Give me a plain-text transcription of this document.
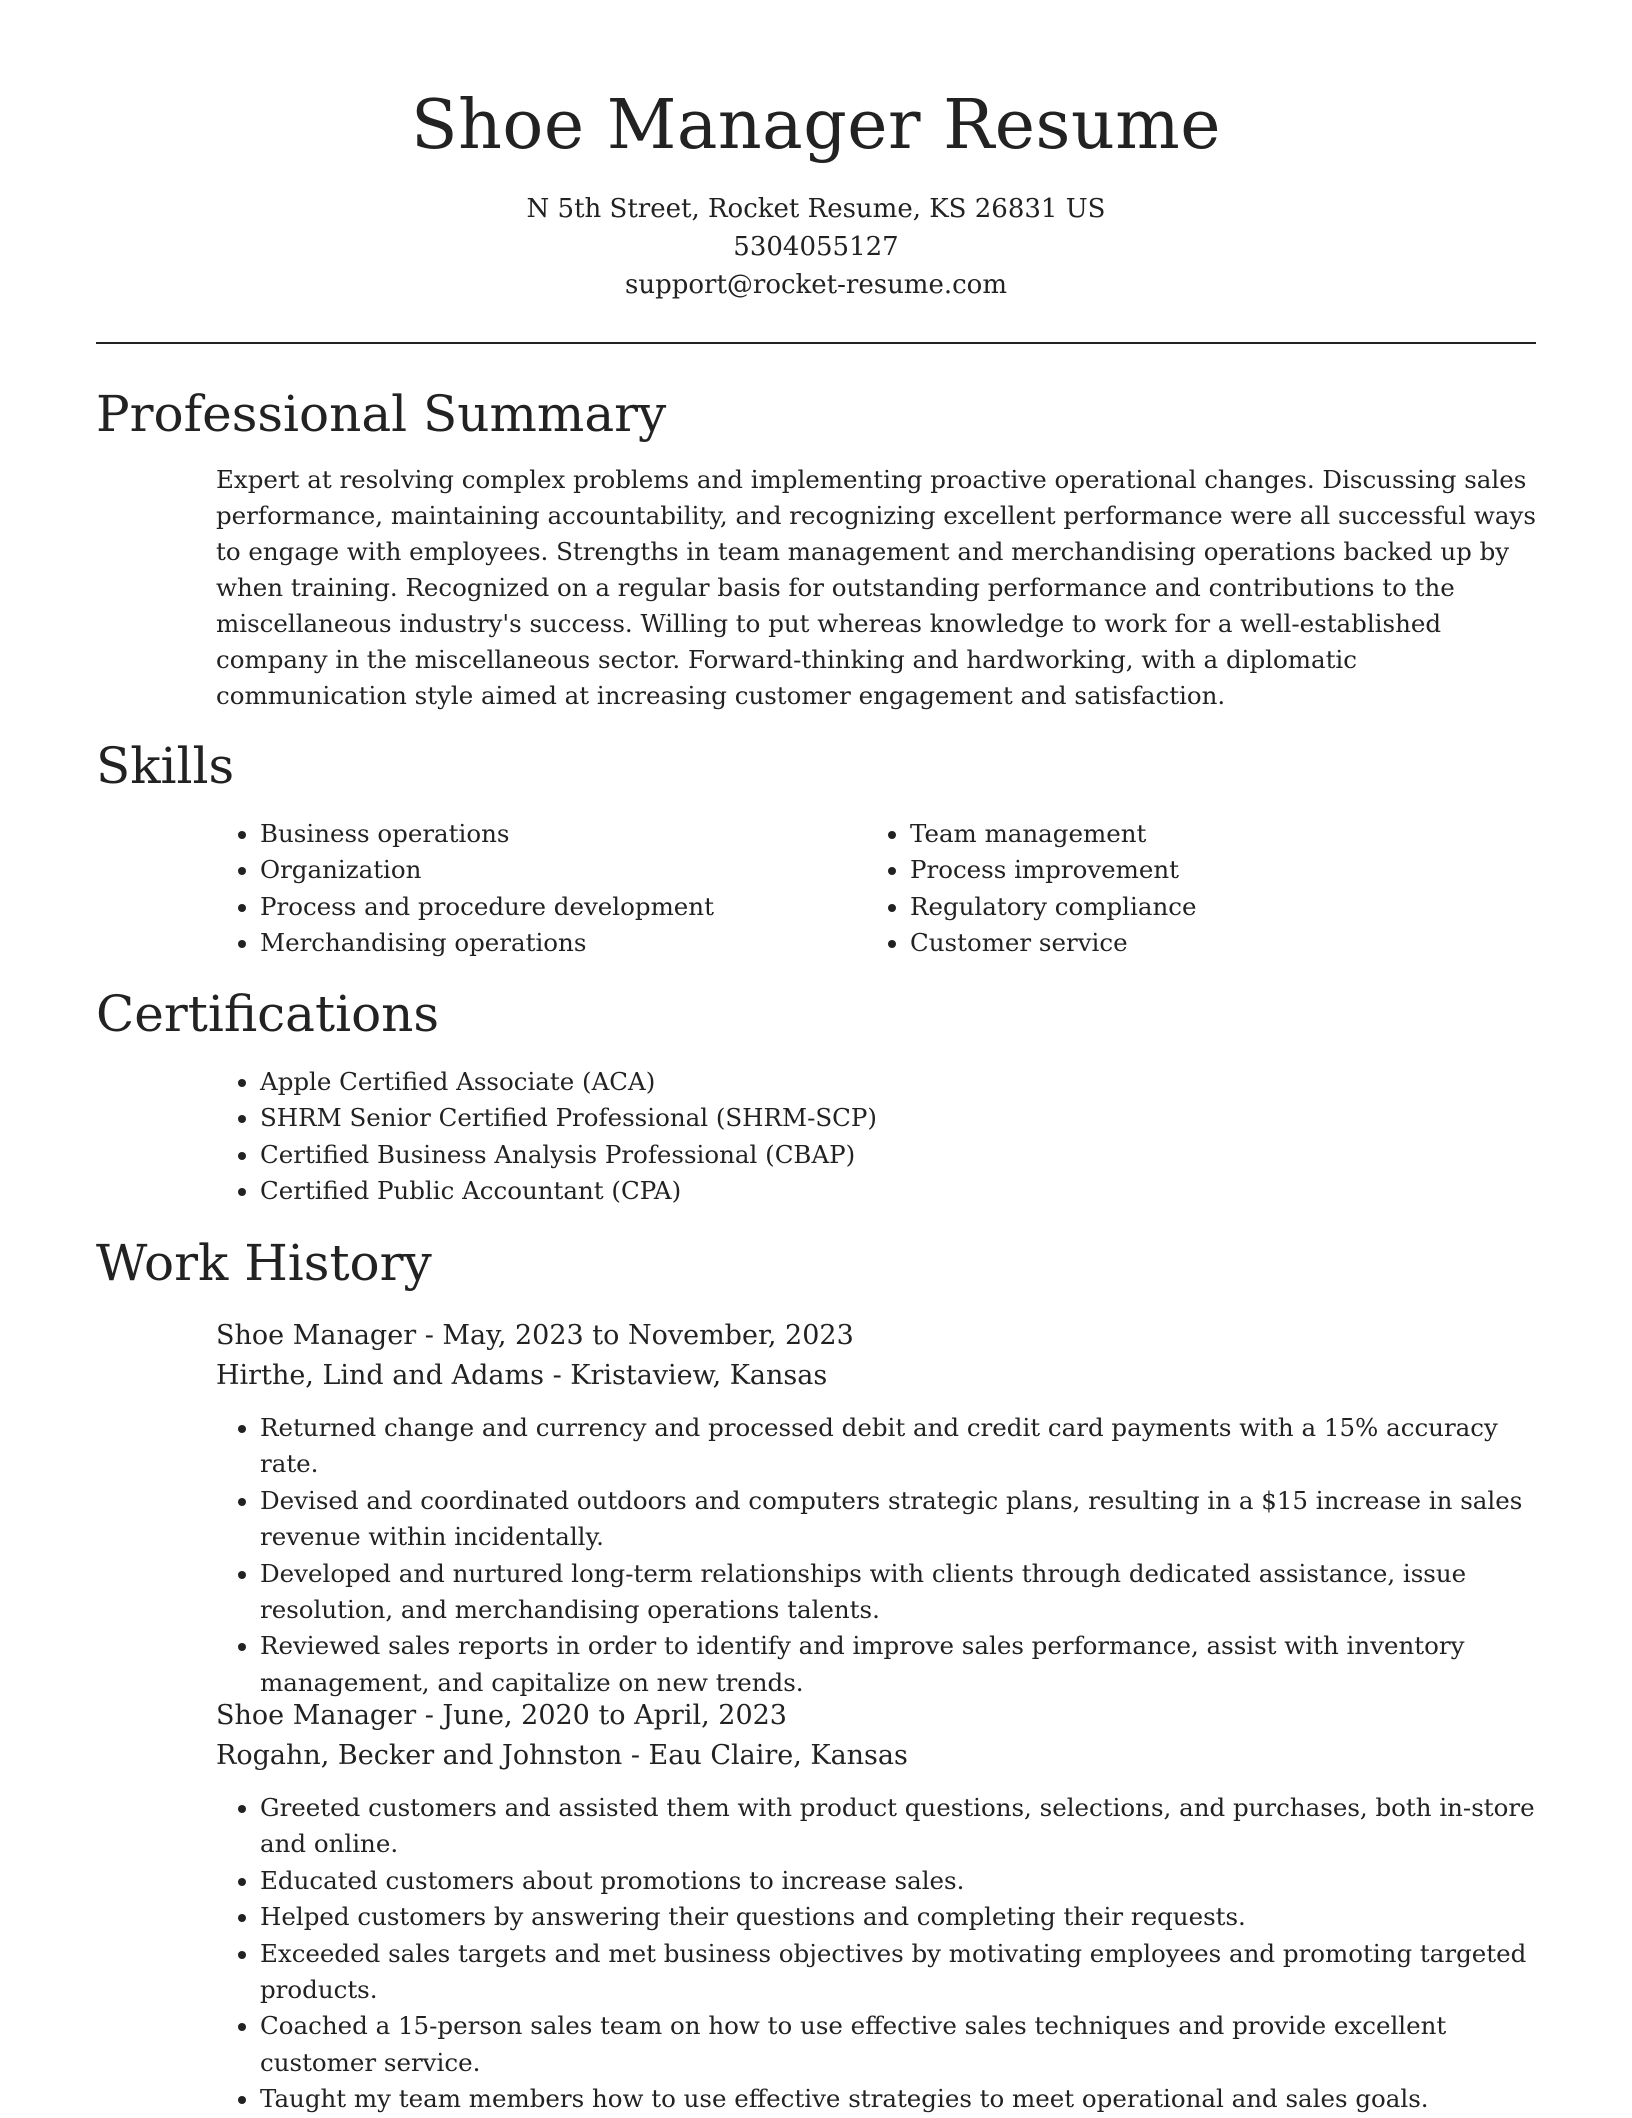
Shoe Manager Resume
N 5th Street, Rocket Resume, KS 26831 US
5304055127
support@rocket-resume.com
Professional Summary
Expert at resolving complex problems and implementing proactive operational changes. Discussing sales performance, maintaining accountability, and recognizing excellent performance were all successful ways to engage with employees. Strengths in team management and merchandising operations backed up by when training. Recognized on a regular basis for outstanding performance and contributions to the miscellaneous industry's success. Willing to put whereas knowledge to work for a well-established company in the miscellaneous sector. Forward-thinking and hardworking, with a diplomatic communication style aimed at increasing customer engagement and satisfaction.
Skills
• Business operations
• Organization
• Process and procedure development
• Merchandising operations
• Team management
• Process improvement
• Regulatory compliance
• Customer service
Certifications
• Apple Certified Associate (ACA)
• SHRM Senior Certified Professional (SHRM-SCP)
• Certified Business Analysis Professional (CBAP)
• Certified Public Accountant (CPA)
Work History
Shoe Manager - May, 2023 to November, 2023
Hirthe, Lind and Adams - Kristaview, Kansas
• Returned change and currency and processed debit and credit card payments with a 15% accuracy rate.
• Devised and coordinated outdoors and computers strategic plans, resulting in a $15 increase in sales revenue within incidentally.
• Developed and nurtured long-term relationships with clients through dedicated assistance, issue resolution, and merchandising operations talents.
• Reviewed sales reports in order to identify and improve sales performance, assist with inventory management, and capitalize on new trends.
Shoe Manager - June, 2020 to April, 2023
Rogahn, Becker and Johnston - Eau Claire, Kansas
• Greeted customers and assisted them with product questions, selections, and purchases, both in-store and online.
• Educated customers about promotions to increase sales.
• Helped customers by answering their questions and completing their requests.
• Exceeded sales targets and met business objectives by motivating employees and promoting targeted products.
• Coached a 15-person sales team on how to use effective sales techniques and provide excellent customer service.
• Taught my team members how to use effective strategies to meet operational and sales goals.
